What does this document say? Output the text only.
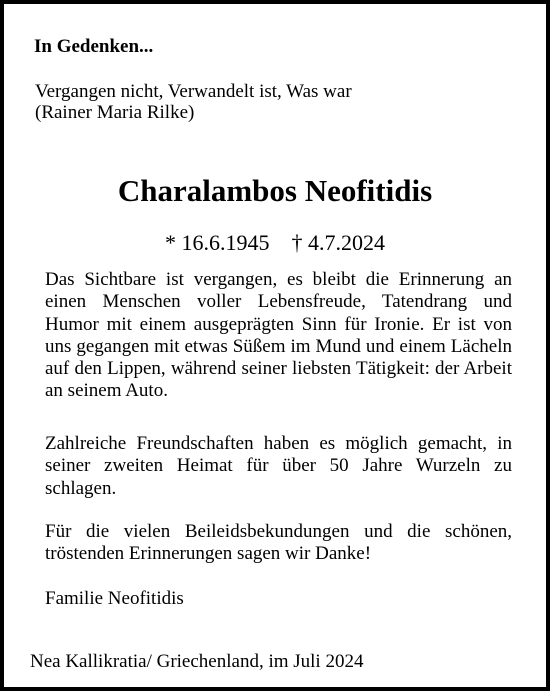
In Gedenken...
Vergangen nicht, Verwandelt ist, Was war
(Rainer Maria Rilke)
Charalambos Neofitidis
* 16.6.1945 † 4.7.2024
Das Sichtbare ist vergangen, es bleibt die Erinnerung an einen Menschen voller Lebensfreude, Tatendrang und Humor mit einem ausgeprägten Sinn für Ironie. Er ist von uns gegangen mit etwas Süßem im Mund und einem Lächeln auf den Lippen, während seiner liebsten Tätigkeit: der Arbeit an seinem Auto.
Zahlreiche Freundschaften haben es möglich gemacht, in seiner zweiten Heimat für über 50 Jahre Wurzeln zu schlagen.
Für die vielen Beileidsbekundungen und die schönen, tröstenden Erinnerungen sagen wir Danke!
Familie Neofitidis
Nea Kallikratia/ Griechenland, im Juli 2024
